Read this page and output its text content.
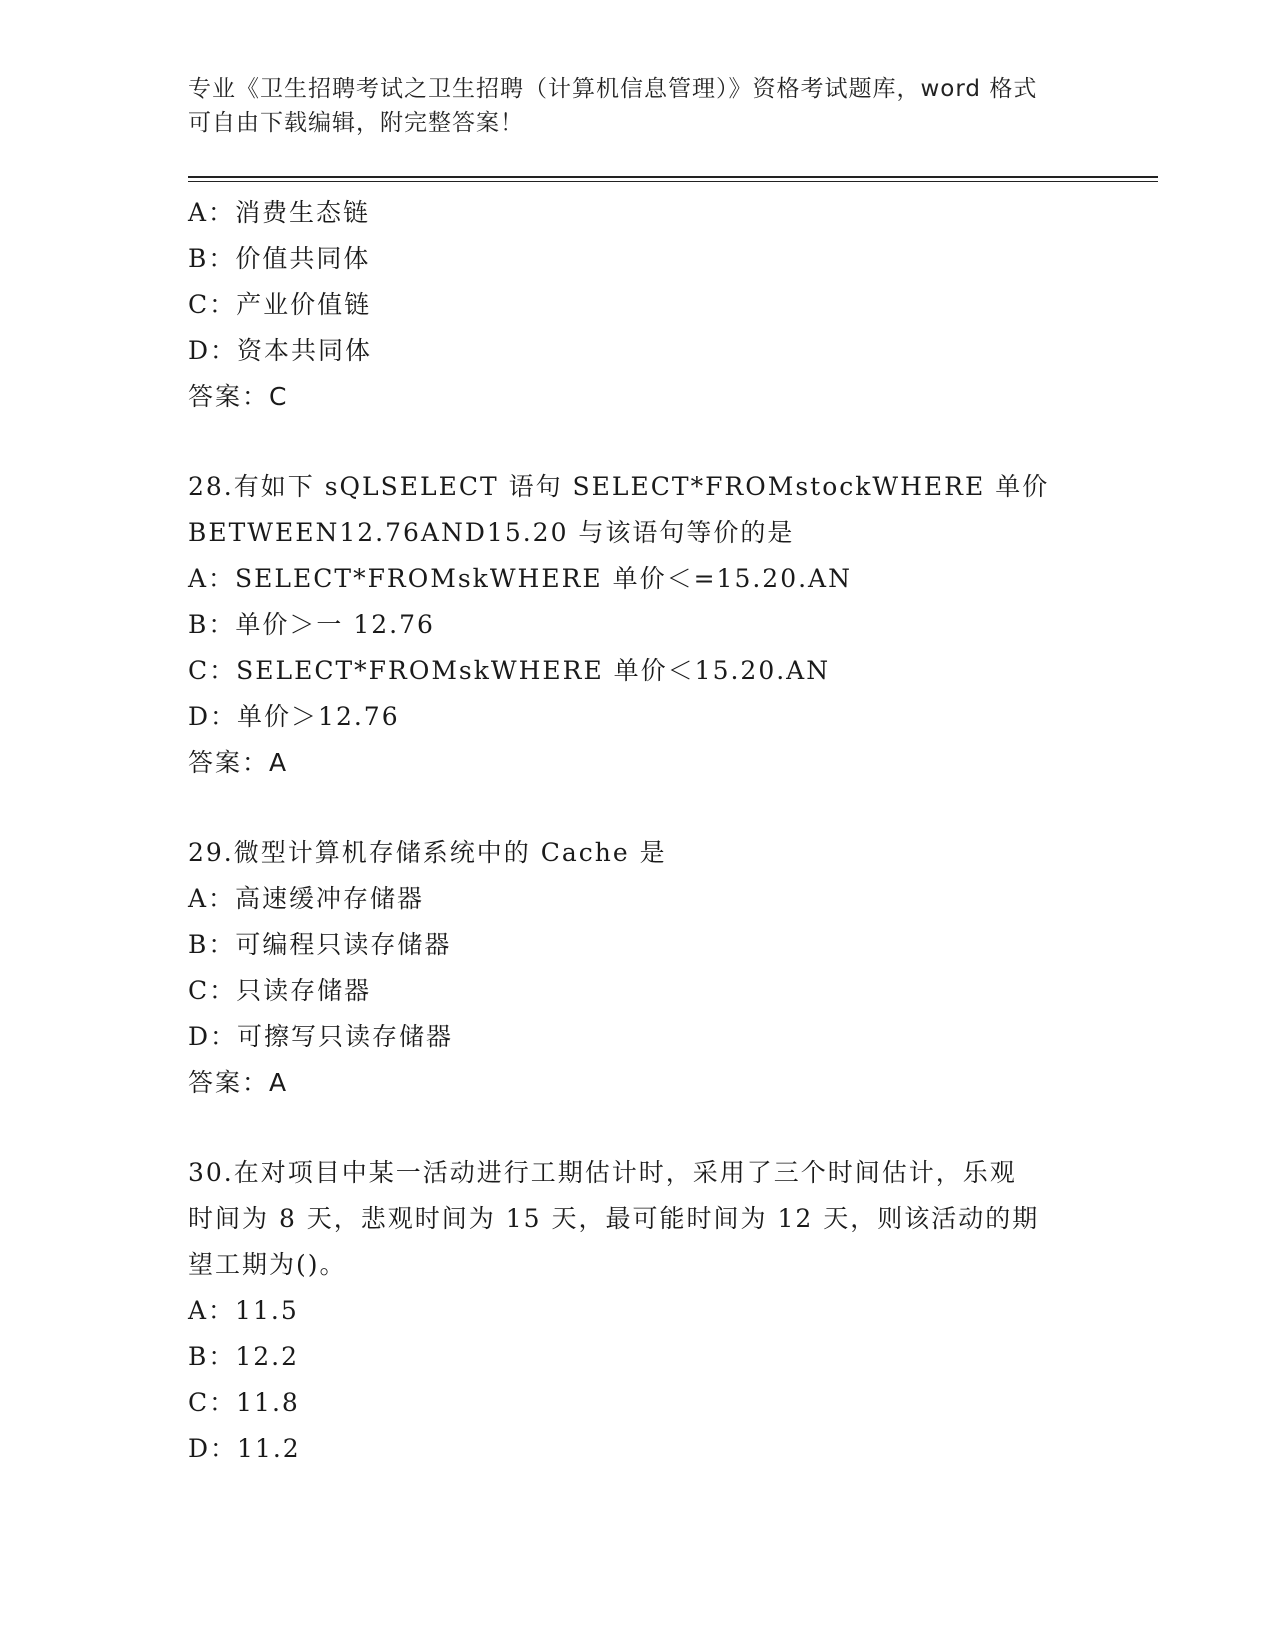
专业《卫生招聘考试之卫生招聘（计算机信息管理）》资格考试题库，word 格式
可自由下载编辑，附完整答案！
A：消费生态链
B：价值共同体
C：产业价值链
D：资本共同体
答案：C
28.有如下 sQLSELECT 语句 SELECT*FROMstockWHERE 单价
BETWEEN12.76AND15.20 与该语句等价的是
A：SELECT*FROMskWHERE 单价＜=15.20.AN
B：单价＞一 12.76
C：SELECT*FROMskWHERE 单价＜15.20.AN
D：单价＞12.76
答案：A
29.微型计算机存储系统中的 Cache 是
A：高速缓冲存储器
B：可编程只读存储器
C：只读存储器
D：可擦写只读存储器
答案：A
30.在对项目中某一活动进行工期估计时，采用了三个时间估计，乐观
时间为 8 天，悲观时间为 15 天，最可能时间为 12 天，则该活动的期
望工期为()。
A：11.5
B：12.2
C：11.8
D：11.2
